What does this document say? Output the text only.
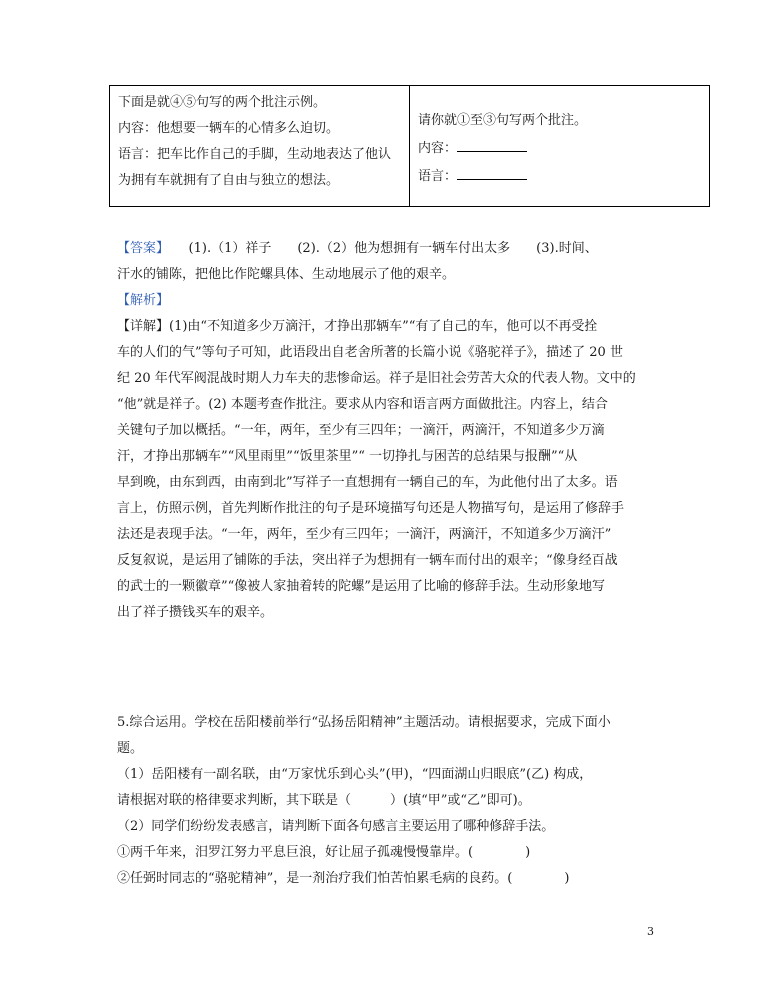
下面是就④⑤句写的两个批注示例。
内容：他想要一辆车的心情多么迫切。
语言：把车比作自己的手脚，生动地表达了他认
为拥有车就拥有了自由与独立的想法。
请你就①至③句写两个批注。
内容：
语言：
【答案】　　 (1).（1）祥子　　(2).（2）他为想拥有一辆车付出太多　　(3).时间、
汗水的铺陈，把他比作陀螺具体、生动地展示了他的艰辛。
【解析】
【详解】(1)由“不知道多少万滴汗，才挣出那辆车”“有了自己的车，他可以不再受拴
车的人们的气”等句子可知，此语段出自老舍所著的长篇小说《骆驼祥子》，描述了 20 世
纪 20 年代军阀混战时期人力车夫的悲惨命运。祥子是旧社会劳苦大众的代表人物。文中的
“他”就是祥子。(2) 本题考查作批注。要求从内容和语言两方面做批注。内容上，结合
关键句子加以概括。“一年，两年，至少有三四年；一滴汗，两滴汗，不知道多少万滴
汗，才挣出那辆车”“风里雨里”“饭里茶里”“ 一切挣扎与困苦的总结果与报酬”“从
早到晚，由东到西，由南到北”写祥子一直想拥有一辆自己的车，为此他付出了太多。语
言上，仿照示例，首先判断作批注的句子是环境描写句还是人物描写句，是运用了修辞手
法还是表现手法。“一年，两年，至少有三四年；一滴汗，两滴汗，不知道多少万滴汗”
反复叙说，是运用了铺陈的手法，突出祥子为想拥有一辆车而付出的艰辛；“像身经百战
的武士的一颗徽章”“像被人家抽着转的陀螺”是运用了比喻的修辞手法。生动形象地写
出了祥子攒钱买车的艰辛。
5.综合运用。学校在岳阳楼前举行“弘扬岳阳精神”主题活动。请根据要求，完成下面小
题。
（1）岳阳楼有一副名联，由“万家忧乐到心头”(甲)，“四面湖山归眼底”(乙) 构成，
请根据对联的格律要求判断，其下联是（　　　）(填“甲”或“乙”即可)。
（2）同学们纷纷发表感言，请判断下面各句感言主要运用了哪种修辞手法。
①两千年来，汨罗江努力平息巨浪，好让屈子孤魂慢慢靠岸。(　　　　)
②任弼时同志的“骆驼精神”，是一剂治疗我们怕苦怕累毛病的良药。(　　　　)
3
